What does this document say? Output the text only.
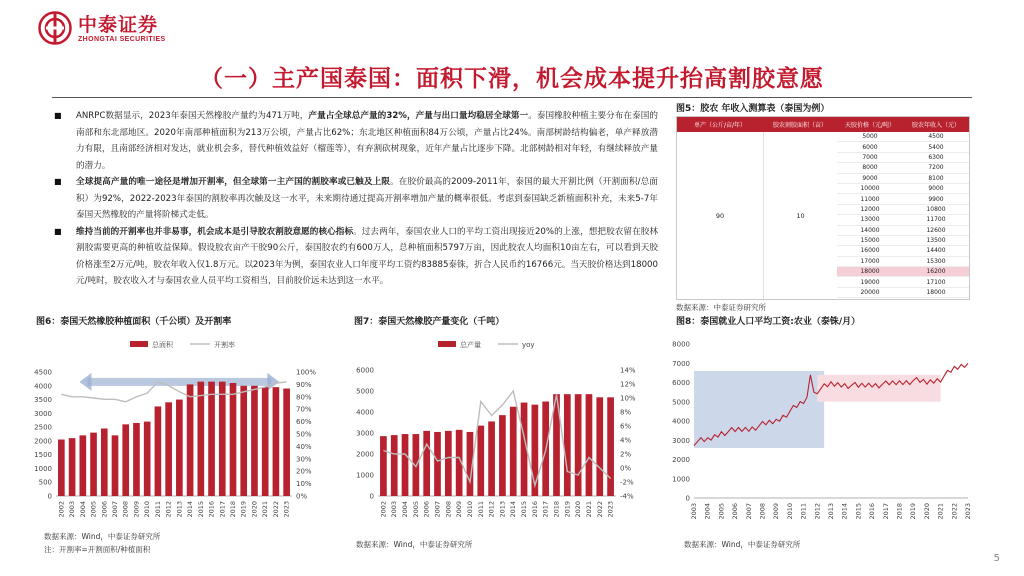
中泰证券
ZHONGTAI SECURITIES
（一）主产国泰国：面积下滑，机会成本提升抬高割胶意愿
■ ANRPC数据显示，2023年泰国天然橡胶产量约为471万吨，产量占全球总产量的32%，产量与出口量均稳居全球第一。泰国橡胶种植主要分布在泰国的南部和东北部地区。2020年南部种植面积为213万公顷，产量占比62%；东北地区种植面积84万公顷，产量占比24%。南部树龄结构偏老，单产释放潜力有限，且南部经济相对发达，就业机会多，替代种植效益好（榴莲等），有弃割砍树现象，近年产量占比逐步下降。北部树龄相对年轻，有继续释放产量的潜力。
■ 全球提高产量的唯一途径是增加开割率，但全球第一主产国的割胶率或已触及上限。在胶价最高的2009-2011年，泰国的最大开割比例（开割面积/总面积）为92%，2022-2023年泰国的割胶率再次触及这一水平，未来期待通过提高开割率增加产量的概率很低。考虑到泰国缺乏新植面积补充，未来5-7年泰国天然橡胶的产量将阶梯式走低。
■ 维持当前的开割率也并非易事，机会成本是引导胶农割胶意愿的核心指标。过去两年，泰国农业人口的平均工资出现接近20%的上涨，想把胶农留在胶林割胶需要更高的种植收益保障。假设胶农亩产干胶90公斤，泰国胶农约有600万人，总种植面积5797万亩，因此胶农人均面积10亩左右，可以看到天胶价格涨至2万元/吨，胶农年收入仅1.8万元。以2023年为例，泰国农业人口年度平均工资约83885泰铢，折合人民币约16766元。当天胶价格达到18000元/吨时，胶农收入才与泰国农业人员平均工资相当，目前胶价远未达到这一水平。
图5：胶农 年收入测算表（泰国为例）
单产（公斤/亩/年）	胶农割胶面积（亩）	天胶价格（元/吨）	胶农年收入（元）
90	10
5000	4500
6000	5400
7000	6300
8000	7200
9000	8100
10000	9000
11000	9900
12000	10800
13000	11700
14000	12600
15000	13500
16000	14400
17000	15300
18000	16200
19000	17100
20000	18000
数据来源：中泰证券研究所
图6：泰国天然橡胶种植面积（千公顷）及开割率	图7：泰国天然橡胶产量变化（千吨）	图8：泰国就业人口平均工资:农业（泰铢/月）
0
500
1000
1500
2000
2500
3000
3500
4000
4500
0%
10%
20%
30%
40%
50%
60%
70%
80%
90%
100%
2002 2003 2004 2005 2006 2007 2008 2009 2010 2011 2012 2013 2014 2015 2016 2017 2018 2019 2020 2021 2022 2023
总面积	开割率
0
1000
2000
3000
4000
5000
6000
-4%
-2%
0%
2%
4%
6%
8%
10%
12%
14%
2002 2003 2004 2005 2006 2007 2008 2009 2010 2011 2012 2013 2014 2015 2016 2017 2018 2019 2020 2021 2022 2023
总产量	yoy
0
1000
2000
3000
4000
5000
6000
7000
8000
2003 2004 2005 2006 2007 2008 2009 2010 2011 2012 2013 2014 2015 2016 2017 2018 2019 2020 2021 2022 2023
数据来源：Wind，中泰证券研究所
注：开割率=开割面积/种植面积
数据来源：Wind，中泰证券研究所	数据来源：Wind，中泰证券研究所
5
